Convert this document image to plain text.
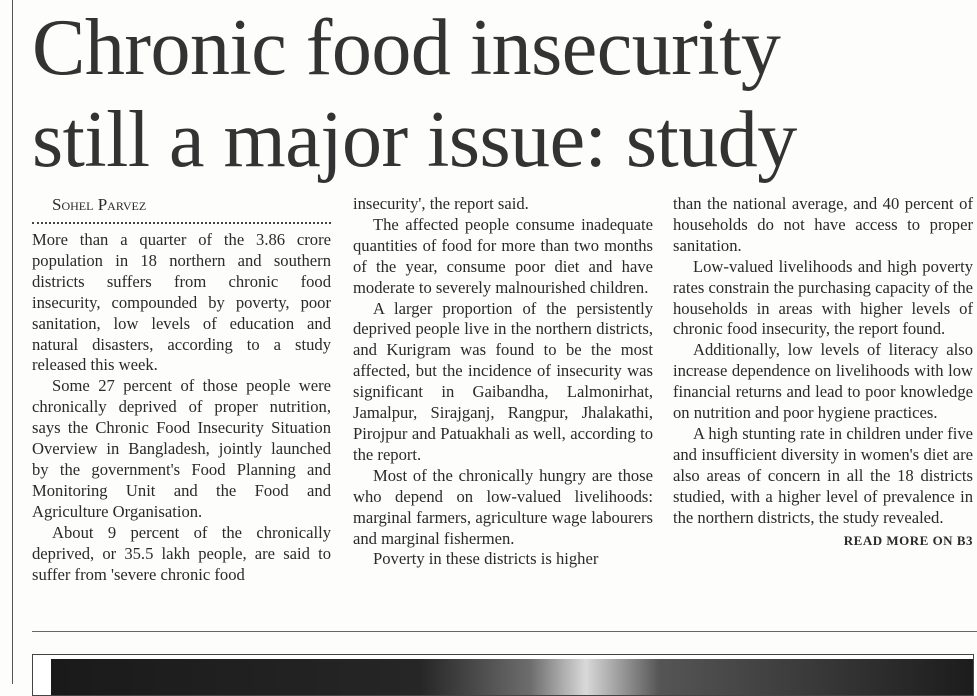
Chronic food insecurity
still a major issue: study

Sohel Parvez

More than a quarter of the 3.86 crore population in 18 northern and southern districts suffers from chronic food insecurity, compounded by poverty, poor sanitation, low levels of education and natural disasters, according to a study released this week.

Some 27 percent of those people were chronically deprived of proper nutrition, says the Chronic Food Insecurity Situation Overview in Bangladesh, jointly launched by the government's Food Planning and Monitoring Unit and the Food and Agriculture Organisation.

About 9 percent of the chronically deprived, or 35.5 lakh people, are said to suffer from 'severe chronic food

insecurity', the report said.

The affected people consume inadequate quantities of food for more than two months of the year, consume poor diet and have moderate to severely malnourished children.

A larger proportion of the persistently deprived people live in the northern districts, and Kurigram was found to be the most affected, but the incidence of insecurity was significant in Gaibandha, Lalmonirhat, Jamalpur, Sirajganj, Rangpur, Jhalakathi, Pirojpur and Patuakhali as well, according to the report.

Most of the chronically hungry are those who depend on low-valued livelihoods: marginal farmers, agriculture wage labourers and marginal fishermen.

Poverty in these districts is higher

than the national average, and 40 percent of households do not have access to proper sanitation.

Low-valued livelihoods and high poverty rates constrain the purchasing capacity of the households in areas with higher levels of chronic food insecurity, the report found.

Additionally, low levels of literacy also increase dependence on livelihoods with low financial returns and lead to poor knowledge on nutrition and poor hygiene practices.

A high stunting rate in children under five and insufficient diversity in women's diet are also areas of concern in all the 18 districts studied, with a higher level of prevalence in the northern districts, the study revealed.

READ MORE ON B3
